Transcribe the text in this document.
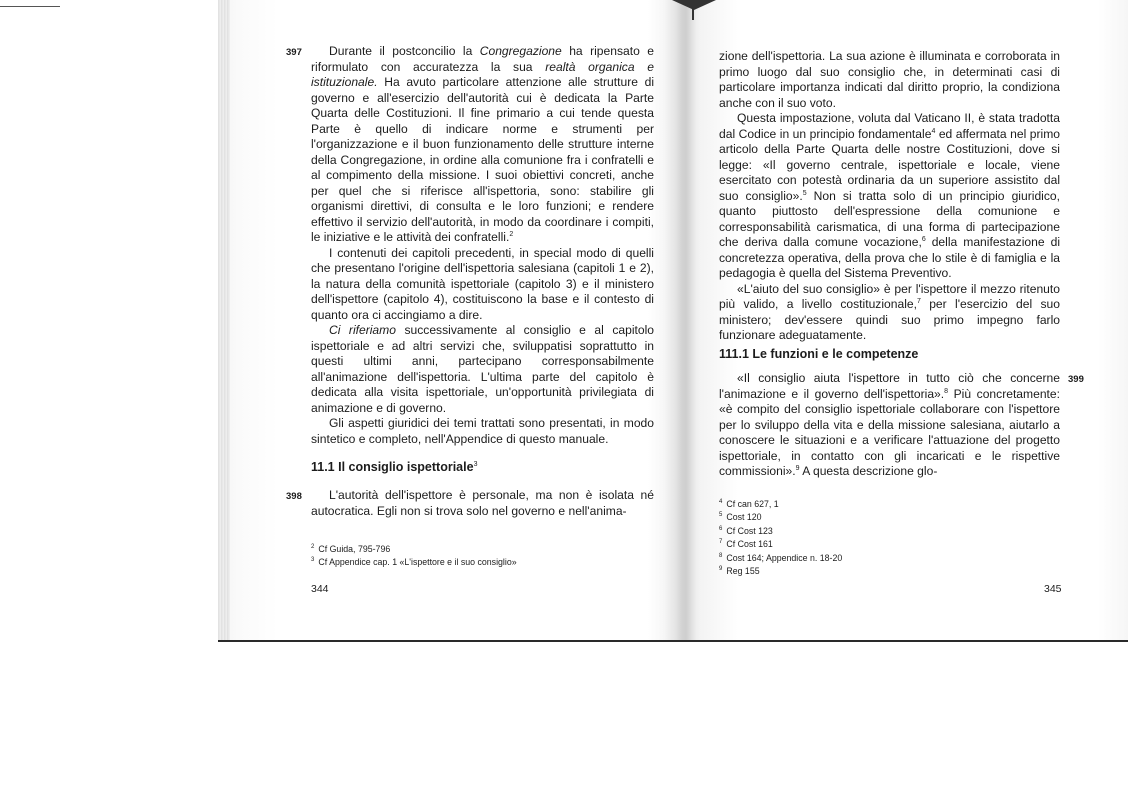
397	Durante il postconcilio la Congregazione ha ripensato e riformulato con accuratezza la sua realtà organica e istituzionale. Ha avuto particolare attenzione alle strutture di governo e all'esercizio dell'autorità cui è dedicata la Parte Quarta delle Costituzioni. Il fine primario a cui tende questa Parte è quello di indicare norme e strumenti per l'organizzazione e il buon funzionamento delle strutture interne della Congregazione, in ordine alla comunione fra i confratelli e al compimento della missione. I suoi obiettivi concreti, anche per quel che si riferisce all'ispettoria, sono: stabilire gli organismi direttivi, di consulta e le loro funzioni; e rendere effettivo il servizio dell'autorità, in modo da coordinare i compiti, le iniziative e le attività dei confratelli.$^2$

I contenuti dei capitoli precedenti, in special modo di quelli che presentano l'origine dell'ispettoria salesiana (capitoli 1 e 2), la natura della comunità ispettoriale (capitolo 3) e il ministero dell'ispettore (capitolo 4), costituiscono la base e il contesto di quanto ora ci accingiamo a dire.

Ci riferiamo successivamente al consiglio e al capitolo ispettoriale e ad altri servizi che, sviluppatisi soprattutto in questi ultimi anni, partecipano corresponsabilmente all'animazione dell'ispettoria. L'ultima parte del capitolo è dedicata alla visita ispettoriale, un'opportunità privilegiata di animazione e di governo.

Gli aspetti giuridici dei temi trattati sono presentati, in modo sintetico e completo, nell'Appendice di questo manuale.

11.1 Il consiglio ispettoriale$^3$
398	L'autorità dell'ispettore è personale, ma non è isolata né autocratica. Egli non si trova solo nel governo e nell'anima-

$^2$ Cf Guida, 795-796
$^3$ Cf Appendice cap. 1 «L'ispettore e il suo consiglio»
344

zione dell'ispettoria. La sua azione è illuminata e corroborata in primo luogo dal suo consiglio che, in determinati casi di particolare importanza indicati dal diritto proprio, la condiziona anche con il suo voto.

Questa impostazione, voluta dal Vaticano II, è stata tradotta dal Codice in un principio fondamentale$^4$ ed affermata nel primo articolo della Parte Quarta delle nostre Costituzioni, dove si legge: «Il governo centrale, ispettoriale e locale, viene esercitato con potestà ordinaria da un superiore assistito dal suo consiglio».$^5$ Non si tratta solo di un principio giuridico, quanto piuttosto dell'espressione della comunione e corresponsabilità carismatica, di una forma di partecipazione che deriva dalla comune vocazione,$^6$ della manifestazione di concretezza operativa, della prova che lo stile è di famiglia e la pedagogia è quella del Sistema Preventivo.

«L'aiuto del suo consiglio» è per l'ispettore il mezzo ritenuto più valido, a livello costituzionale,$^7$ per l'esercizio del suo ministero; dev'essere quindi suo primo impegno farlo funzionare adeguatamente.

111.1 Le funzioni e le competenze
399

«Il consiglio aiuta l'ispettore in tutto ciò che concerne l'animazione e il governo dell'ispettoria».$^8$ Più concretamente: «è compito del consiglio ispettoriale collaborare con l'ispettore per lo sviluppo della vita e della missione salesiana, aiutarlo a conoscere le situazioni e a verificare l'attuazione del progetto ispettoriale, in contatto con gli incaricati e le rispettive commissioni».$^9$ A questa descrizione glo-

$^4$ Cf can 627, 1
$^5$ Cost 120
$^6$ Cf Cost 123
$^7$ Cf Cost 161
$^8$ Cost 164; Appendice n. 18-20
$^9$ Reg 155
345
